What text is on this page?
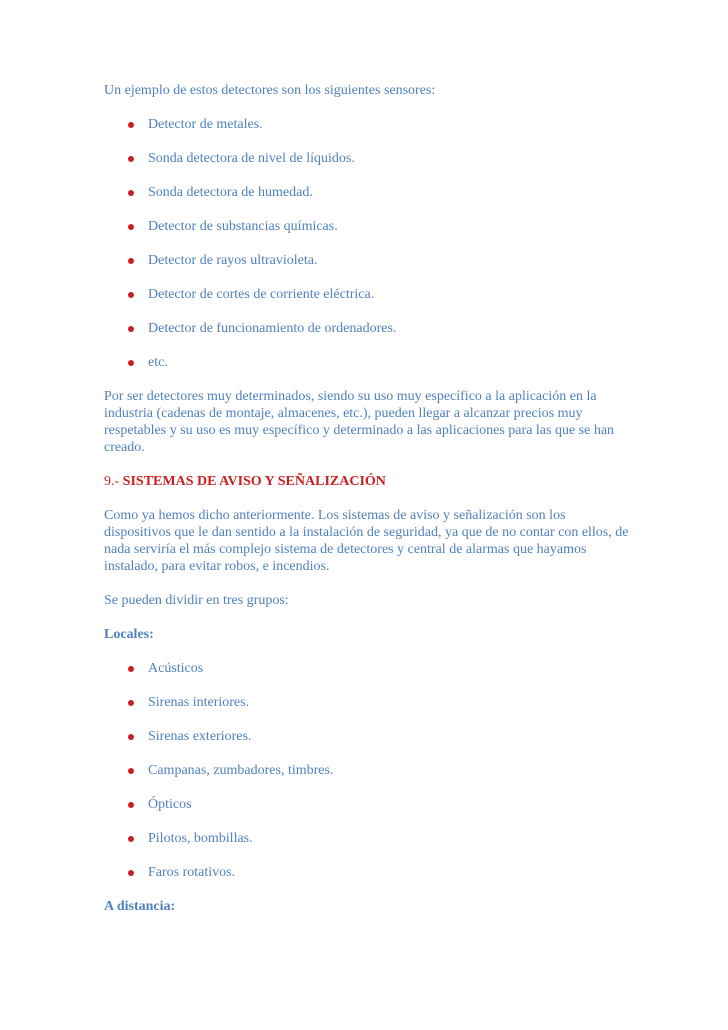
Un ejemplo de estos detectores son los siguientes sensores:

Detector de metales.
Sonda detectora de nivel de líquidos.
Sonda detectora de humedad.
Detector de substancias químicas.
Detector de rayos ultravioleta.
Detector de cortes de corriente eléctrica.
Detector de funcionamiento de ordenadores.
etc.

Por ser detectores muy determinados, siendo su uso muy específico a la aplicación en la industria (cadenas de montaje, almacenes, etc.), pueden llegar a alcanzar precios muy respetables y su uso es muy específico y determinado a las aplicaciones para las que se han creado.

9.- SISTEMAS DE AVISO Y SEÑALIZACIÓN

Como ya hemos dicho anteriormente. Los sistemas de aviso y señalización son los dispositivos que le dan sentido a la instalación de seguridad, ya que de no contar con ellos, de nada serviría el más complejo sistema de detectores y central de alarmas que hayamos instalado, para evitar robos, e incendios.

Se pueden dividir en tres grupos:

Locales:

Acústicos
Sirenas interiores.
Sirenas exteriores.
Campanas, zumbadores, timbres.
Ópticos
Pilotos, bombillas.
Faros rotativos.

A distancia:
